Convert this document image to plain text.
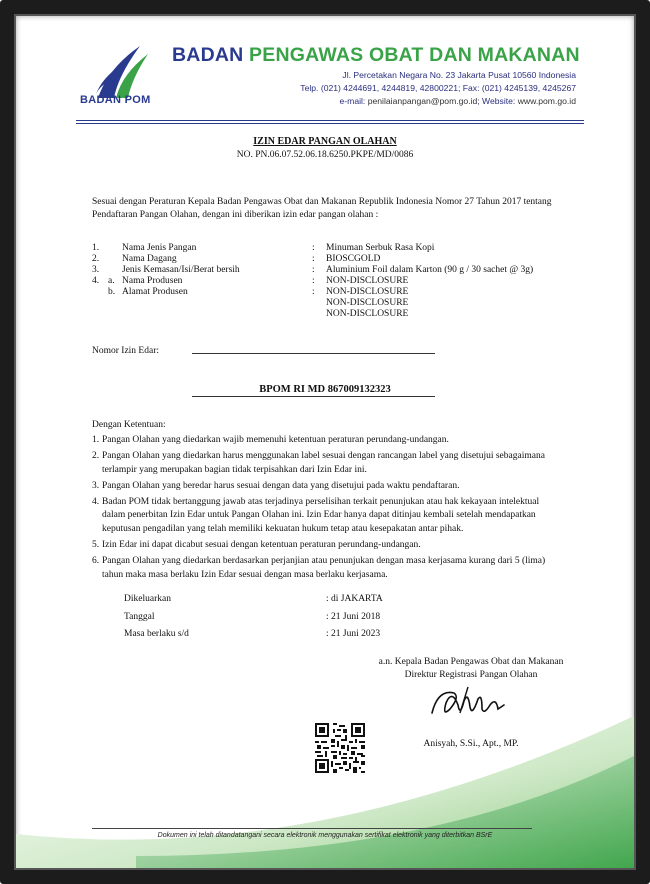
BADAN POM
BADAN PENGAWAS OBAT DAN MAKANAN
Jl. Percetakan Negara No. 23 Jakarta Pusat 10560 Indonesia
Telp. (021) 4244691, 4244819, 42800221; Fax: (021) 4245139, 4245267
e-mail: penilaianpangan@pom.go.id; Website: www.pom.go.id
IZIN EDAR PANGAN OLAHAN
NO. PN.06.07.52.06.18.6250.PKPE/MD/0086
Sesuai dengan Peraturan Kepala Badan Pengawas Obat dan Makanan Republik Indonesia Nomor 27 Tahun 2017 tentang Pendaftaran Pangan Olahan, dengan ini diberikan izin edar pangan olahan :
1. Nama Jenis Pangan	: Minuman Serbuk Rasa Kopi
2. Nama Dagang	: BIOSCGOLD
3. Jenis Kemasan/Isi/Berat bersih	: Aluminium Foil dalam Karton (90 g / 30 sachet @ 3g)
4. a. Nama Produsen	: NON-DISCLOSURE
b. Alamat Produsen	: NON-DISCLOSURE
NON-DISCLOSURE
NON-DISCLOSURE
Nomor Izin Edar:
BPOM RI MD 867009132323
Dengan Ketentuan:
1. Pangan Olahan yang diedarkan wajib memenuhi ketentuan peraturan perundang-undangan.
2. Pangan Olahan yang diedarkan harus menggunakan label sesuai dengan rancangan label yang disetujui sebagaimana terlampir yang merupakan bagian tidak terpisahkan dari Izin Edar ini.
3. Pangan Olahan yang beredar harus sesuai dengan data yang disetujui pada waktu pendaftaran.
4. Badan POM tidak bertanggung jawab atas terjadinya perselisihan terkait penunjukan atau hak kekayaan intelektual dalam penerbitan Izin Edar untuk Pangan Olahan ini. Izin Edar hanya dapat ditinjau kembali setelah mendapatkan keputusan pengadilan yang telah memiliki kekuatan hukum tetap atau kesepakatan antar pihak.
5. Izin Edar ini dapat dicabut sesuai dengan ketentuan peraturan perundang-undangan.
6. Pangan Olahan yang diedarkan berdasarkan perjanjian atau penunjukan dengan masa kerjasama kurang dari 5 (lima) tahun maka masa berlaku Izin Edar sesuai dengan masa berlaku kerjasama.
Dikeluarkan	: di JAKARTA
Tanggal	: 21 Juni 2018
Masa berlaku s/d	: 21 Juni 2023
a.n. Kepala Badan Pengawas Obat dan Makanan
Direktur Registrasi Pangan Olahan
Anisyah, S.Si., Apt., MP.
Dokumen ini telah ditandatangani secara elektronik menggunakan sertifikat elektronik yang diterbitkan BSrE
